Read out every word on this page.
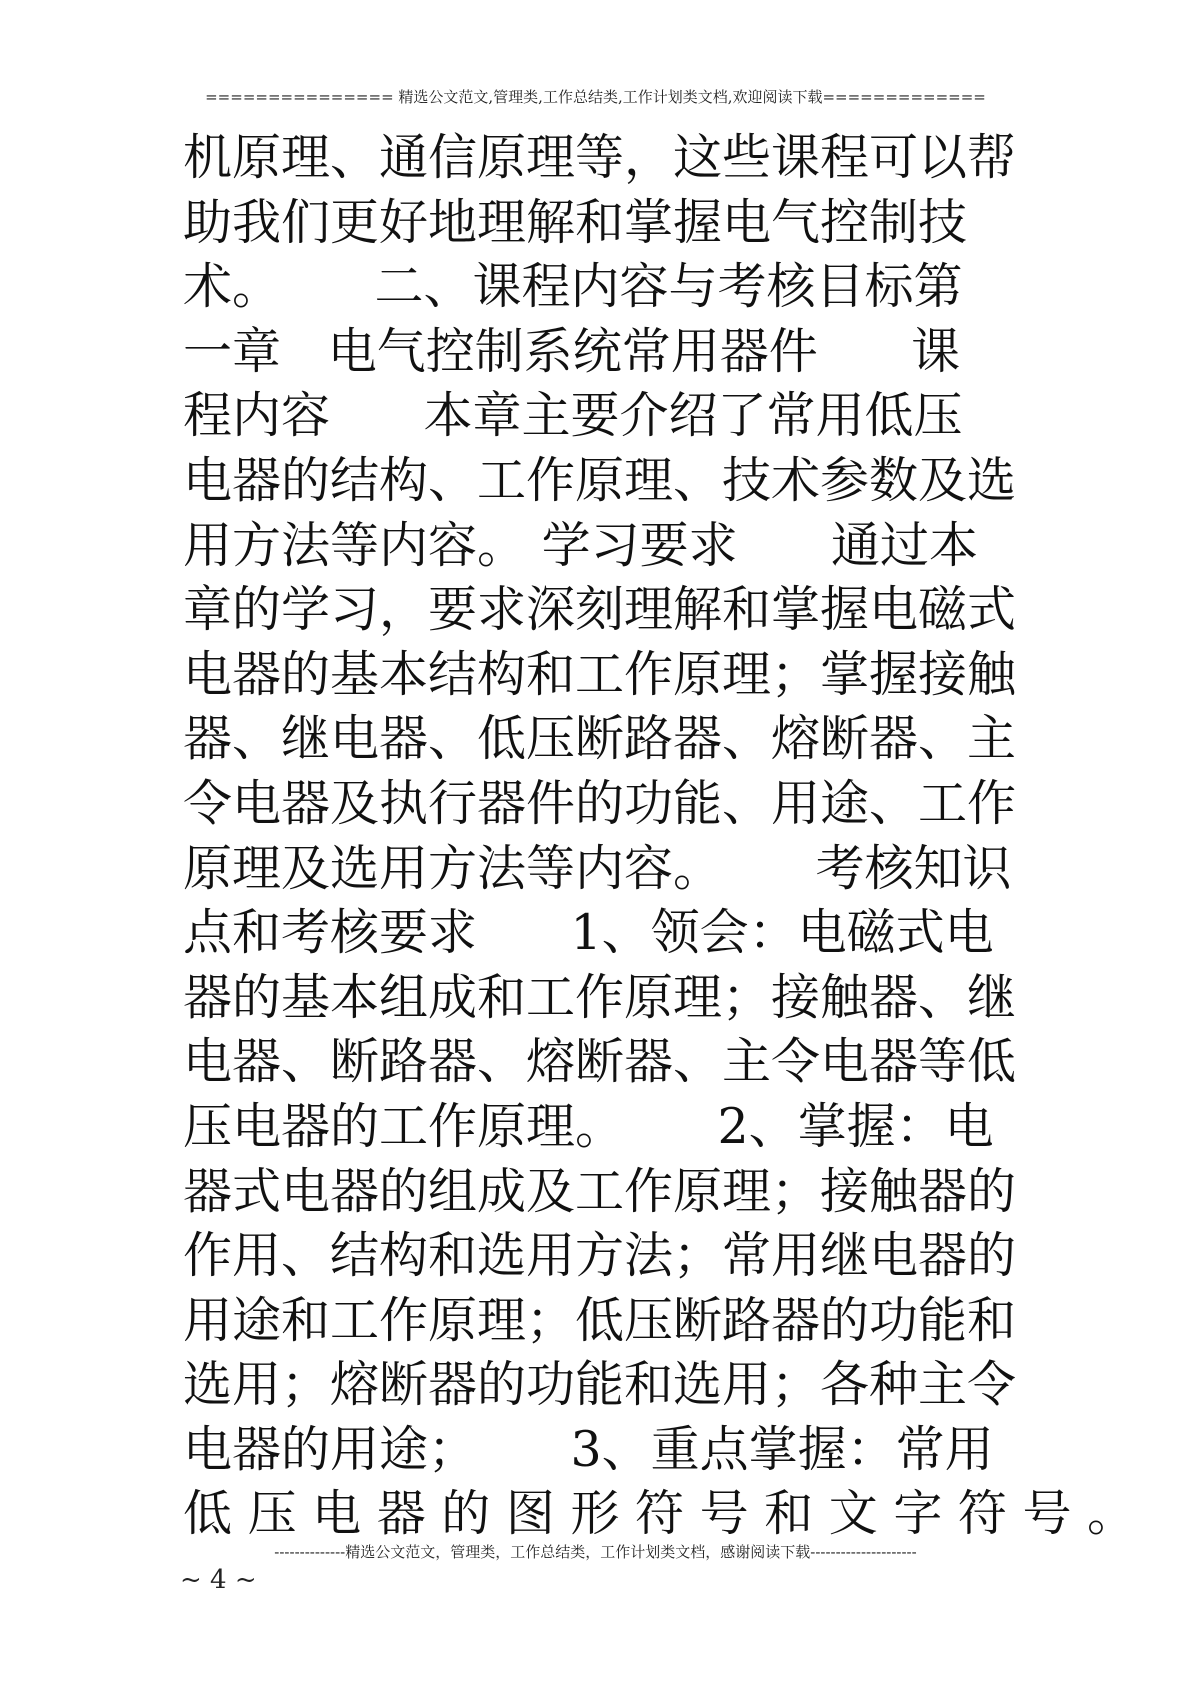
=============== 精选公文范文,管理类,工作总结类,工作计划类文档,欢迎阅读下载=============
机原理、通信原理等，这些课程可以帮
助我们更好地理解和掌握电气控制技
术。      二、课程内容与考核目标第
一章   电气控制系统常用器件      课
程内容      本章主要介绍了常用低压
电器的结构、工作原理、技术参数及选
用方法等内容。 学习要求      通过本
章的学习，要求深刻理解和掌握电磁式
电器的基本结构和工作原理；掌握接触
器、继电器、低压断路器、熔断器、主
令电器及执行器件的功能、用途、工作
原理及选用方法等内容。      考核知识
点和考核要求      1、领会：电磁式电
器的基本组成和工作原理；接触器、继
电器、断路器、熔断器、主令电器等低
压电器的工作原理。      2、掌握：电
器式电器的组成及工作原理；接触器的
作用、结构和选用方法；常用继电器的
用途和工作原理；低压断路器的功能和
选用；熔断器的功能和选用；各种主令
电器的用途；      3、重点掌握：常用
低 压 电 器 的 图 形 符 号 和 文 字 符 号 。
--------------精选公文范文，管理类，工作总结类，工作计划类文档，感谢阅读下载---------------------
~ 4 ~
